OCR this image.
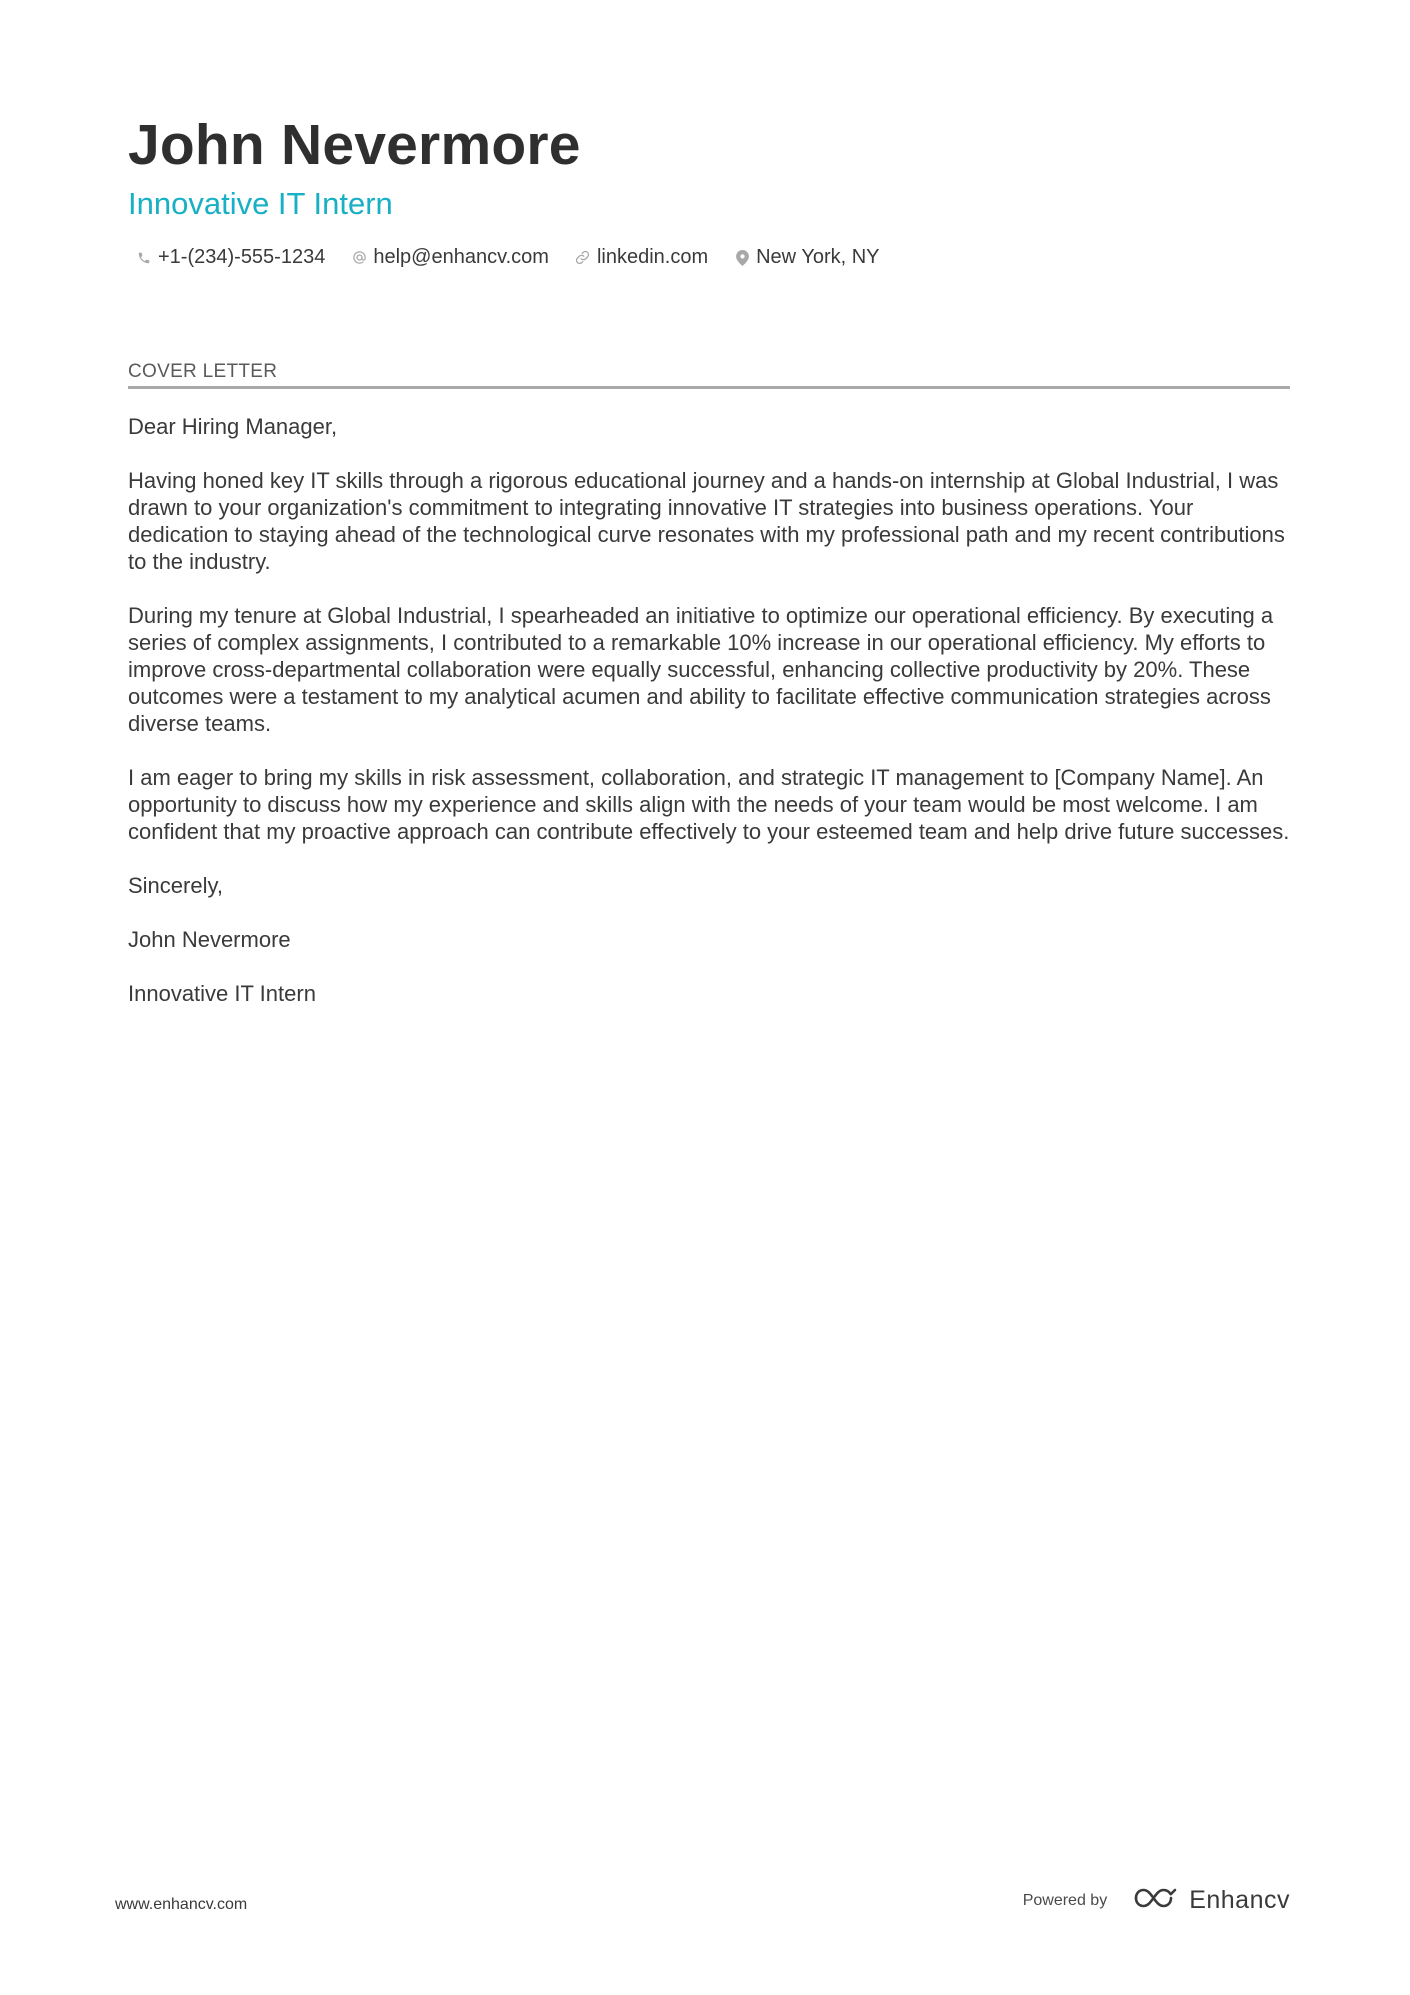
John Nevermore
Innovative IT Intern
+1-(234)-555-1234 help@enhancv.com linkedin.com New York, NY
COVER LETTER

Dear Hiring Manager,

Having honed key IT skills through a rigorous educational journey and a hands-on internship at Global Industrial, I was drawn to your organization's commitment to integrating innovative IT strategies into business operations. Your dedication to staying ahead of the technological curve resonates with my professional path and my recent contributions to the industry.

During my tenure at Global Industrial, I spearheaded an initiative to optimize our operational efficiency. By executing a series of complex assignments, I contributed to a remarkable 10% increase in our operational efficiency. My efforts to improve cross-departmental collaboration were equally successful, enhancing collective productivity by 20%. These outcomes were a testament to my analytical acumen and ability to facilitate effective communication strategies across diverse teams.

I am eager to bring my skills in risk assessment, collaboration, and strategic IT management to [Company Name]. An opportunity to discuss how my experience and skills align with the needs of your team would be most welcome. I am confident that my proactive approach can contribute effectively to your esteemed team and help drive future successes.

Sincerely,

John Nevermore

Innovative IT Intern

www.enhancv.com	Powered by	Enhancv
